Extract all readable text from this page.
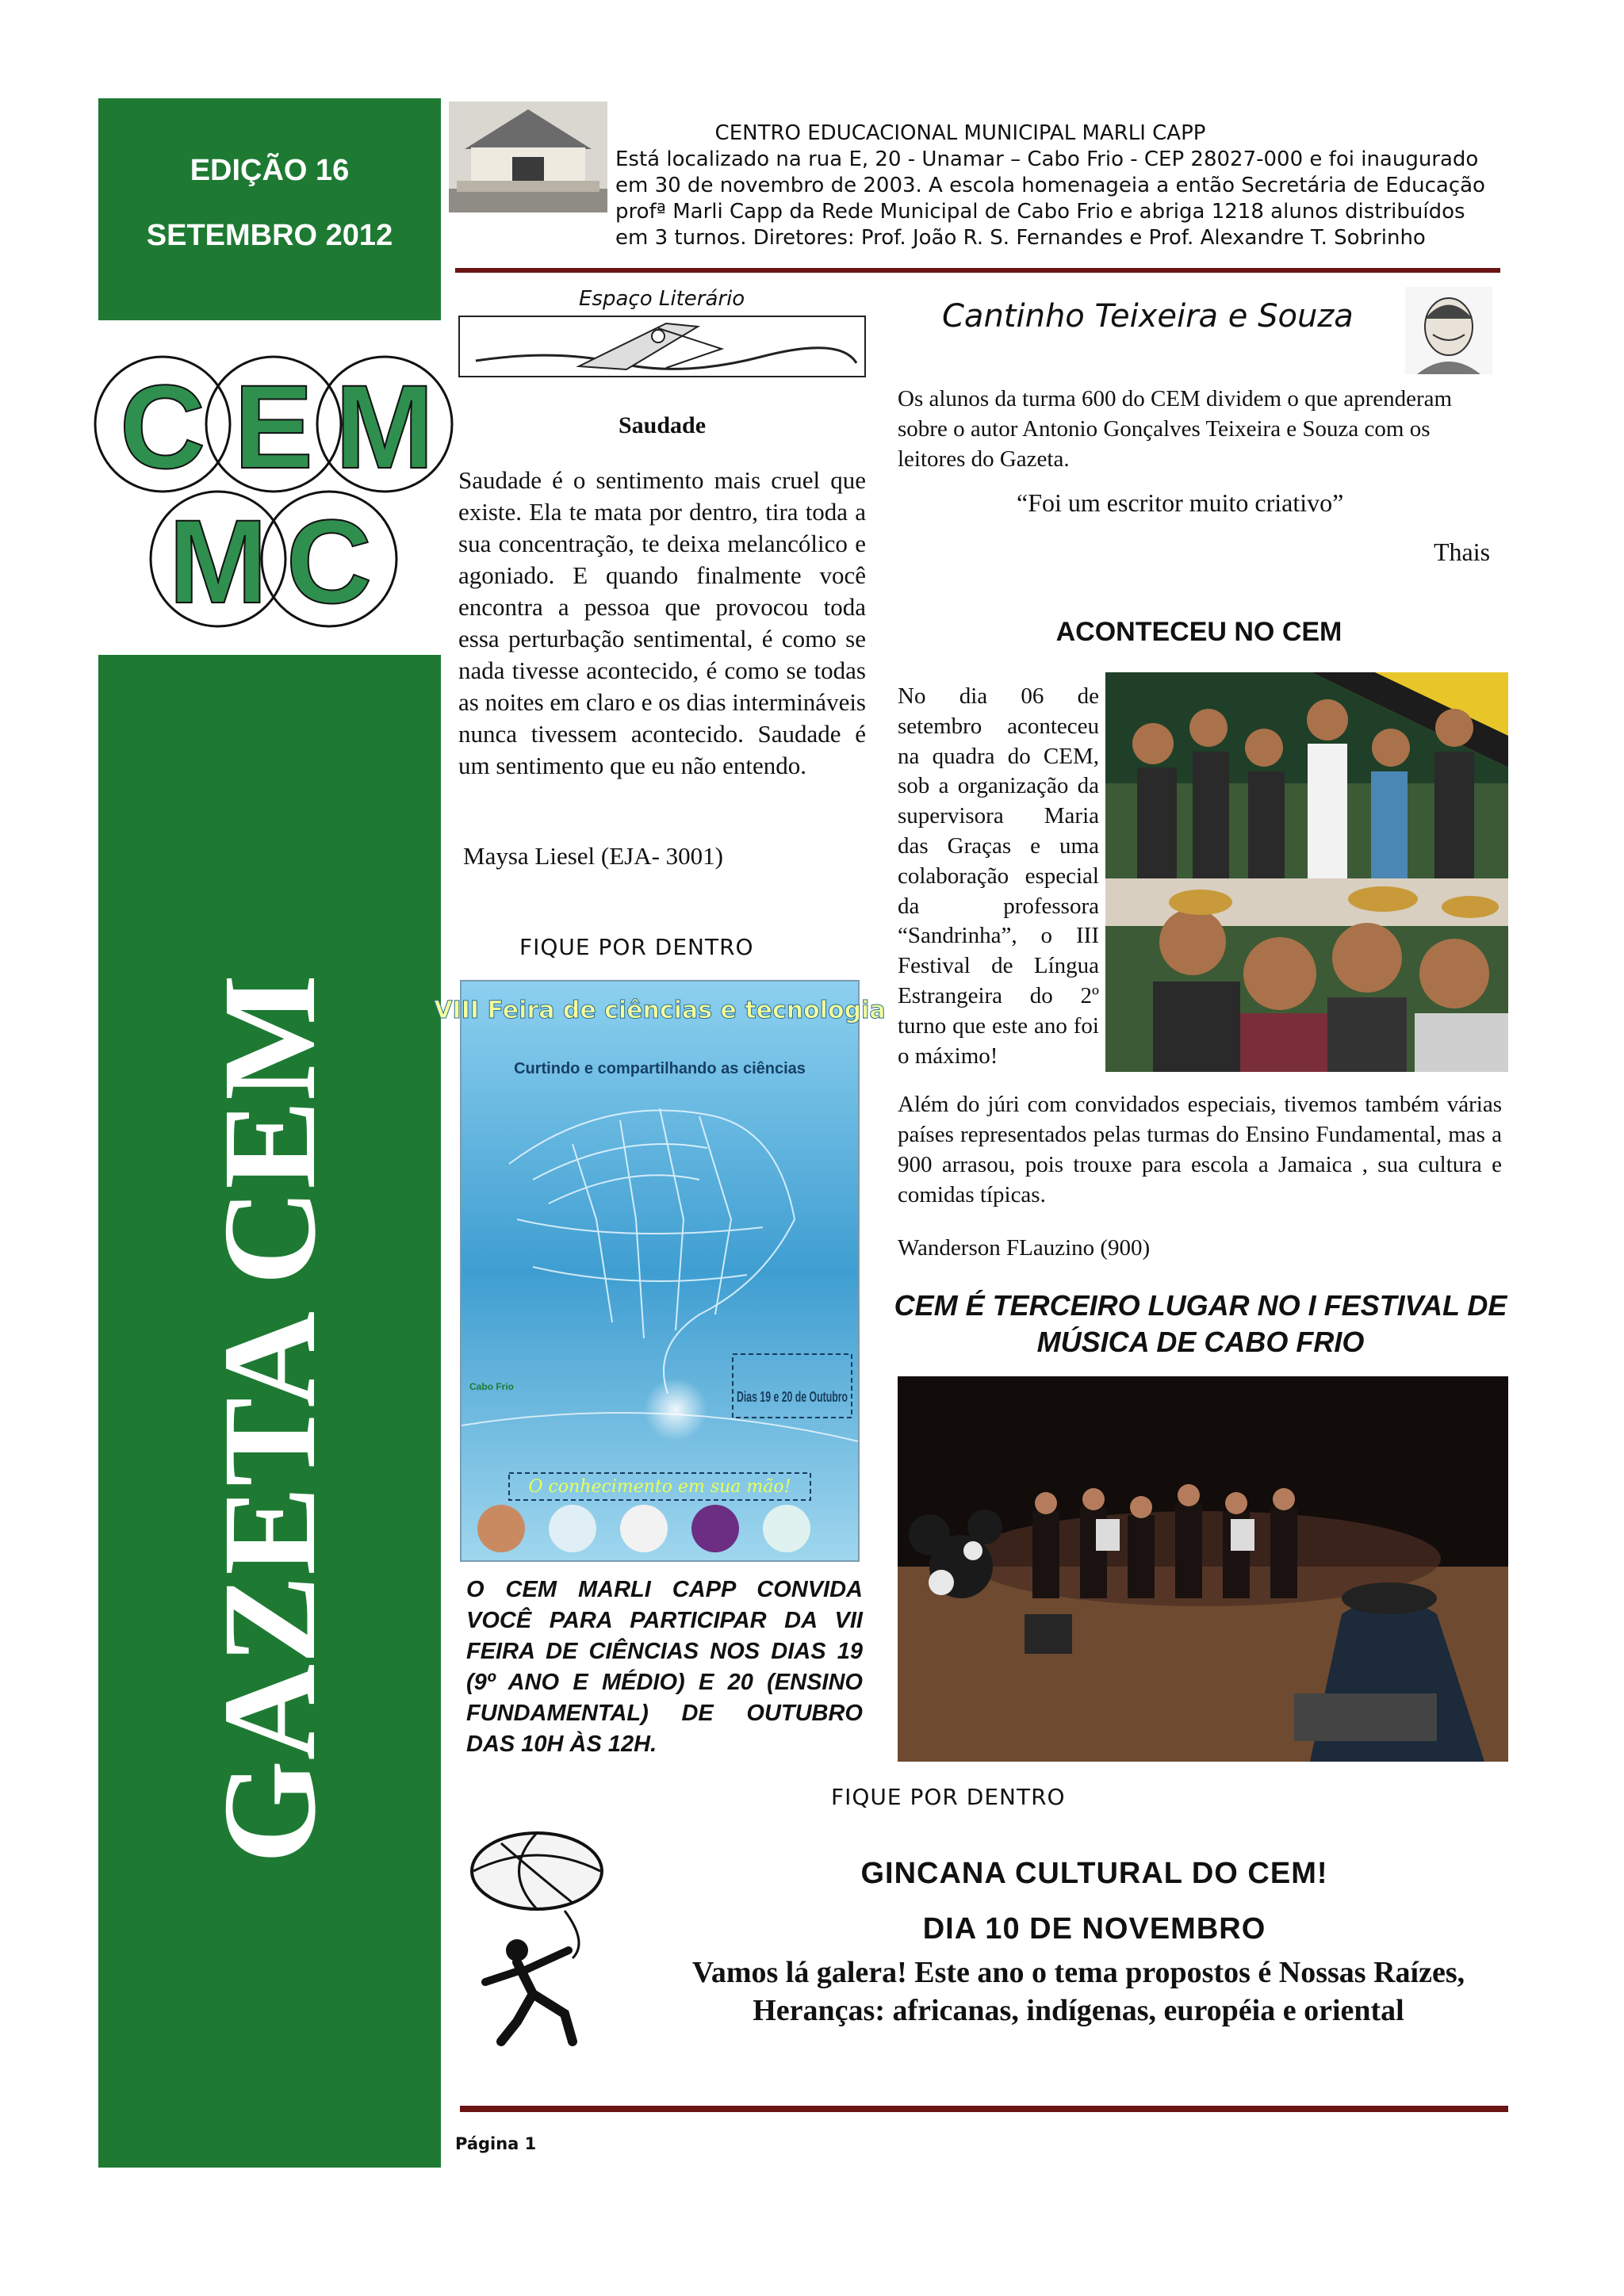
EDIÇÃO 16
SETEMBRO 2012
C E M
M C
GAZETA CEM
CENTRO EDUCACIONAL MUNICIPAL MARLI CAPP
Está localizado na rua E, 20 - Unamar – Cabo Frio - CEP 28027-000 e foi inaugurado
em 30 de novembro de 2003. A escola homenageia a então Secretária de Educação
profª Marli Capp da Rede Municipal de Cabo Frio e abriga 1218 alunos distribuídos
em 3 turnos. Diretores: Prof. João R. S. Fernandes e Prof. Alexandre T. Sobrinho
Espaço Literário
Saudade
Saudade é o sentimento mais cruel que existe. Ela te mata por dentro, tira toda a sua concentração, te deixa melancólico e agoniado. E quando finalmente você encontra a pessoa que provocou toda essa perturbação sentimental, é como se nada tivesse acontecido, é como se todas as noites em claro e os dias intermináveis nunca tivessem acontecido. Saudade é um sentimento que eu não entendo.
Maysa Liesel (EJA- 3001)
FIQUE POR DENTRO
VIII Feira de ciências e tecnologia
Curtindo e compartilhando as ciências
Dias 19 e 20 de Outubro
Cabo Frio
O conhecimento em sua mão!
O CEM MARLI CAPP CONVIDA VOCÊ PARA PARTICIPAR DA VII FEIRA DE CIÊNCIAS NOS DIAS 19 (9º ANO E MÉDIO) E 20 (ENSINO FUNDAMENTAL) DE OUTUBRO DAS 10H ÀS 12H.
Cantinho Teixeira e Souza
Os alunos da turma 600 do CEM dividem o que aprenderam sobre o autor Antonio Gonçalves Teixeira e Souza com os leitores do Gazeta.
“Foi um escritor muito criativo”
Thais
ACONTECEU NO CEM
No dia 06 de setembro aconteceu na quadra do CEM, sob a organização da supervisora Maria das Graças e uma colaboração especial da professora “Sandrinha”, o III Festival de Língua Estrangeira do 2º turno que este ano foi o máximo!
Além do júri com convidados especiais, tivemos também várias países representados pelas turmas do Ensino Fundamental, mas a 900 arrasou, pois trouxe para escola a Jamaica , sua cultura e comidas típicas.
Wanderson FLauzino (900)
CEM É TERCEIRO LUGAR NO I FESTIVAL DE
MÚSICA DE CABO FRIO
FIQUE POR DENTRO
GINCANA CULTURAL DO CEM!
DIA 10 DE NOVEMBRO
Vamos lá galera! Este ano o tema propostos é Nossas Raízes,
Heranças: africanas, indígenas, européia e oriental
Página 1
